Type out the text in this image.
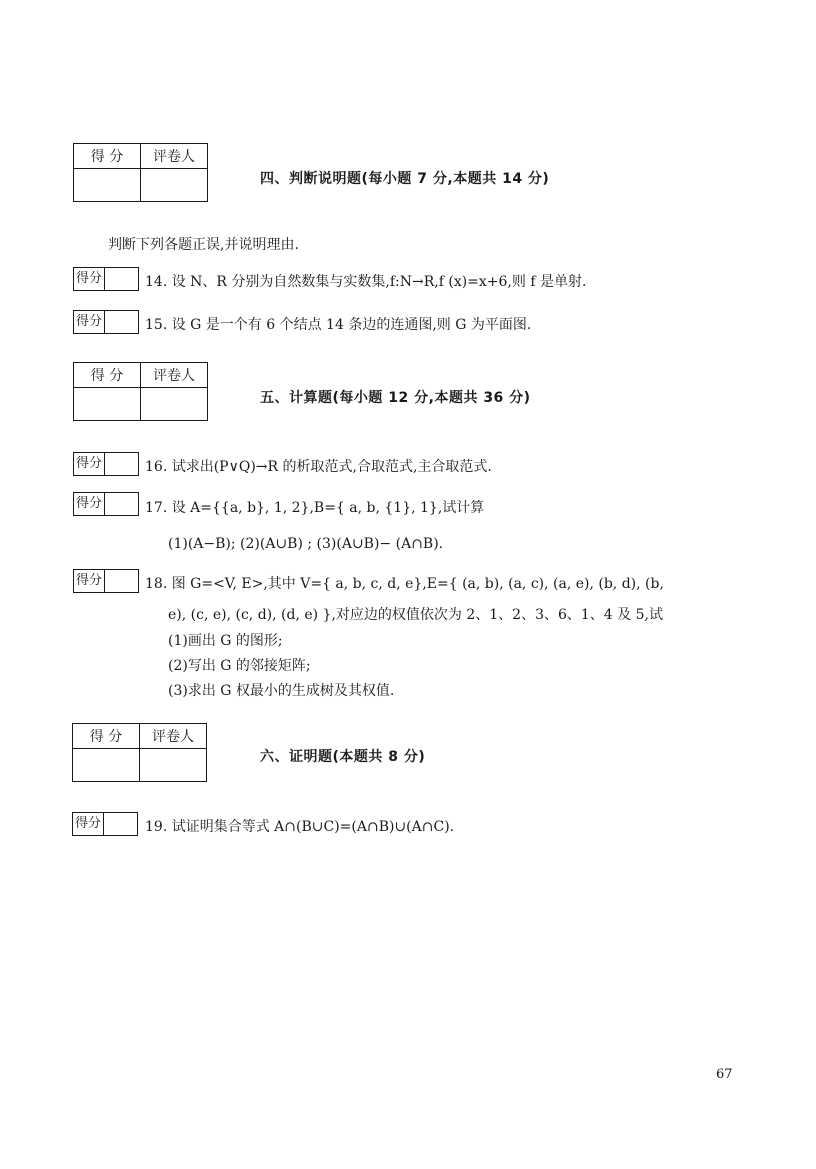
得 分	评卷人

四、判断说明题(每小题 7 分,本题共 14 分)
判断下列各题正误,并说明理由.
得分	14. 设 N、R 分别为自然数集与实数集,f:N→R,f (x)=x+6,则 f 是单射.
得分	15. 设 G 是一个有 6 个结点 14 条边的连通图,则 G 为平面图.
得 分	评卷人

五、计算题(每小题 12 分,本题共 36 分)
得分	16. 试求出(P∨Q)→R 的析取范式,合取范式,主合取范式.
得分	17. 设 A={{a, b}, 1, 2},B={ a, b, {1}, 1},试计算
(1)(A−B); (2)(A∪B) ; (3)(A∪B)− (A∩B).
得分	18. 图 G=<V, E>,其中 V={ a, b, c, d, e},E={ (a, b), (a, c), (a, e), (b, d), (b,
e), (c, e), (c, d), (d, e) },对应边的权值依次为 2、1、2、3、6、1、4 及 5,试
(1)画出 G 的图形;
(2)写出 G 的邻接矩阵;
(3)求出 G 权最小的生成树及其权值.
得 分	评卷人

六、证明题(本题共 8 分)
得分	19. 试证明集合等式 A∩(B∪C)=(A∩B)∪(A∩C).
67
